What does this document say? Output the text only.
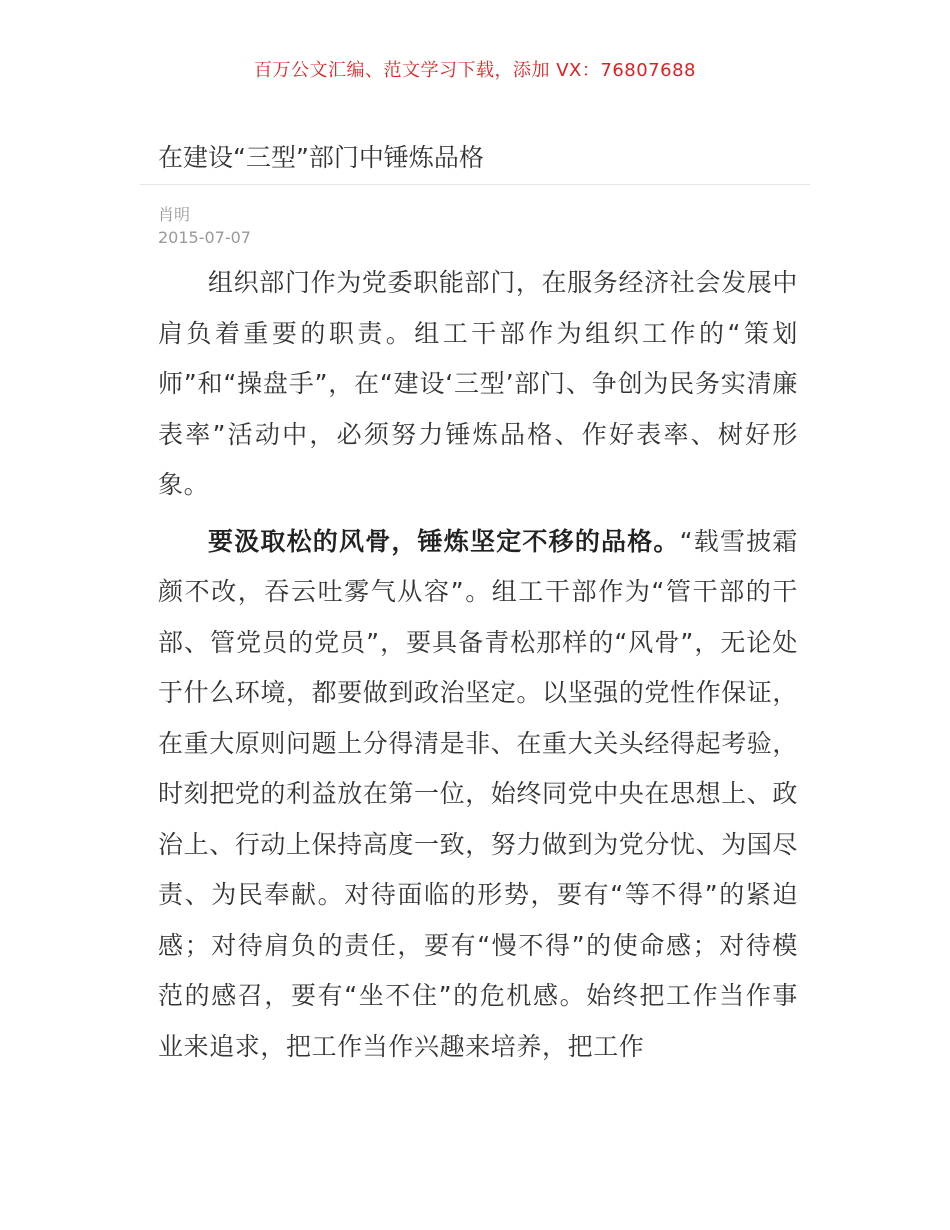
百万公文汇编、范文学习下载，添加 VX：76807688
在建设“三型”部门中锤炼品格
肖明
2015-07-07

组织部门作为党委职能部门，在服务经济社会发展中肩负着重要的职责。组工干部作为组织工作的“策划师”和“操盘手”，在“建设‘三型’部门、争创为民务实清廉表率”活动中，必须努力锤炼品格、作好表率、树好形象。

要汲取松的风骨，锤炼坚定不移的品格。“载雪披霜颜不改，吞云吐雾气从容”。组工干部作为“管干部的干部、管党员的党员”，要具备青松那样的“风骨”，无论处于什么环境，都要做到政治坚定。以坚强的党性作保证，在重大原则问题上分得清是非、在重大关头经得起考验，时刻把党的利益放在第一位，始终同党中央在思想上、政治上、行动上保持高度一致，努力做到为党分忧、为国尽责、为民奉献。对待面临的形势，要有“等不得”的紧迫感；对待肩负的责任，要有“慢不得”的使命感；对待模范的感召，要有“坐不住”的危机感。始终把工作当作事业来追求，把工作当作兴趣来培养，把工作
